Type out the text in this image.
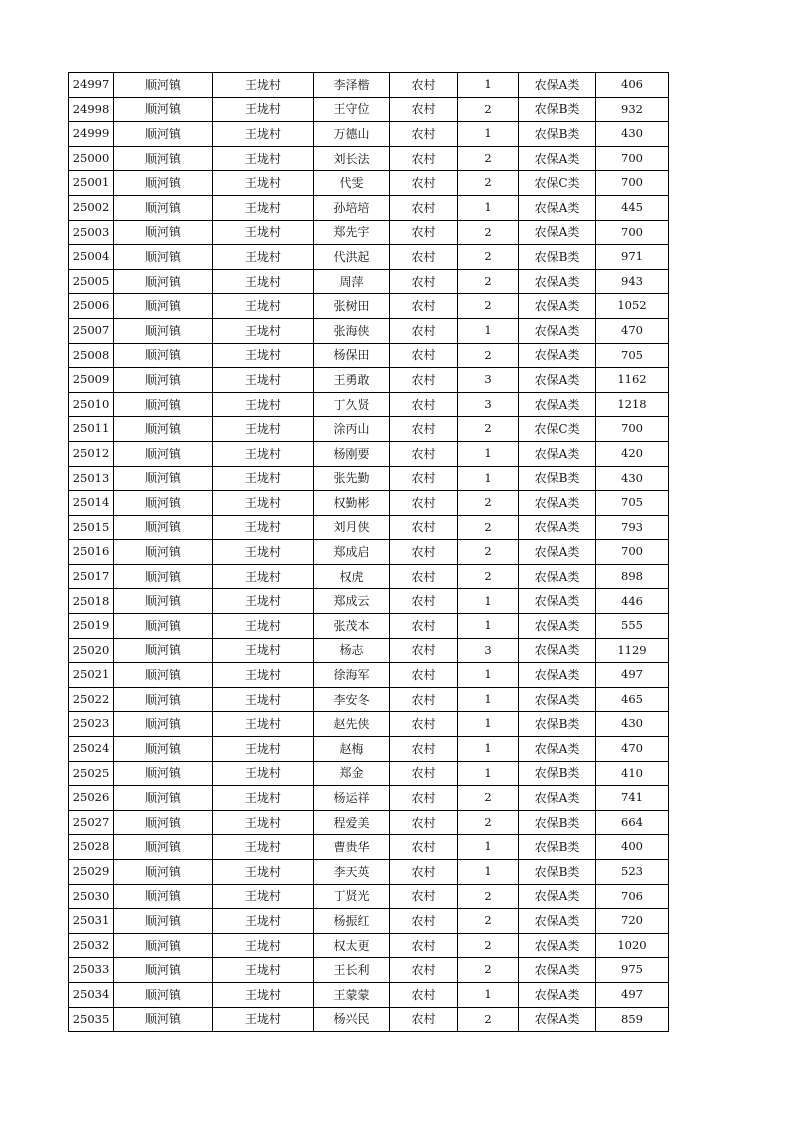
24997	顺河镇	王垅村	李泽楷	农村	1	农保A类	406
24998	顺河镇	王垅村	王守位	农村	2	农保B类	932
24999	顺河镇	王垅村	万德山	农村	1	农保B类	430
25000	顺河镇	王垅村	刘长法	农村	2	农保A类	700
25001	顺河镇	王垅村	代雯	农村	2	农保C类	700
25002	顺河镇	王垅村	孙培培	农村	1	农保A类	445
25003	顺河镇	王垅村	郑先宇	农村	2	农保A类	700
25004	顺河镇	王垅村	代洪起	农村	2	农保B类	971
25005	顺河镇	王垅村	周萍	农村	2	农保A类	943
25006	顺河镇	王垅村	张树田	农村	2	农保A类	1052
25007	顺河镇	王垅村	张海侠	农村	1	农保A类	470
25008	顺河镇	王垅村	杨保田	农村	2	农保A类	705
25009	顺河镇	王垅村	王勇敢	农村	3	农保A类	1162
25010	顺河镇	王垅村	丁久贤	农村	3	农保A类	1218
25011	顺河镇	王垅村	涂丙山	农村	2	农保C类	700
25012	顺河镇	王垅村	杨刚要	农村	1	农保A类	420
25013	顺河镇	王垅村	张先勤	农村	1	农保B类	430
25014	顺河镇	王垅村	权勤彬	农村	2	农保A类	705
25015	顺河镇	王垅村	刘月侠	农村	2	农保A类	793
25016	顺河镇	王垅村	郑成启	农村	2	农保A类	700
25017	顺河镇	王垅村	权虎	农村	2	农保A类	898
25018	顺河镇	王垅村	郑成云	农村	1	农保A类	446
25019	顺河镇	王垅村	张茂本	农村	1	农保A类	555
25020	顺河镇	王垅村	杨志	农村	3	农保A类	1129
25021	顺河镇	王垅村	徐海军	农村	1	农保A类	497
25022	顺河镇	王垅村	李安冬	农村	1	农保A类	465
25023	顺河镇	王垅村	赵先侠	农村	1	农保B类	430
25024	顺河镇	王垅村	赵梅	农村	1	农保A类	470
25025	顺河镇	王垅村	郑金	农村	1	农保B类	410
25026	顺河镇	王垅村	杨运祥	农村	2	农保A类	741
25027	顺河镇	王垅村	程爱美	农村	2	农保B类	664
25028	顺河镇	王垅村	曹贵华	农村	1	农保B类	400
25029	顺河镇	王垅村	李天英	农村	1	农保B类	523
25030	顺河镇	王垅村	丁贤光	农村	2	农保A类	706
25031	顺河镇	王垅村	杨振红	农村	2	农保A类	720
25032	顺河镇	王垅村	权太更	农村	2	农保A类	1020
25033	顺河镇	王垅村	王长利	农村	2	农保A类	975
25034	顺河镇	王垅村	王蒙蒙	农村	1	农保A类	497
25035	顺河镇	王垅村	杨兴民	农村	2	农保A类	859
